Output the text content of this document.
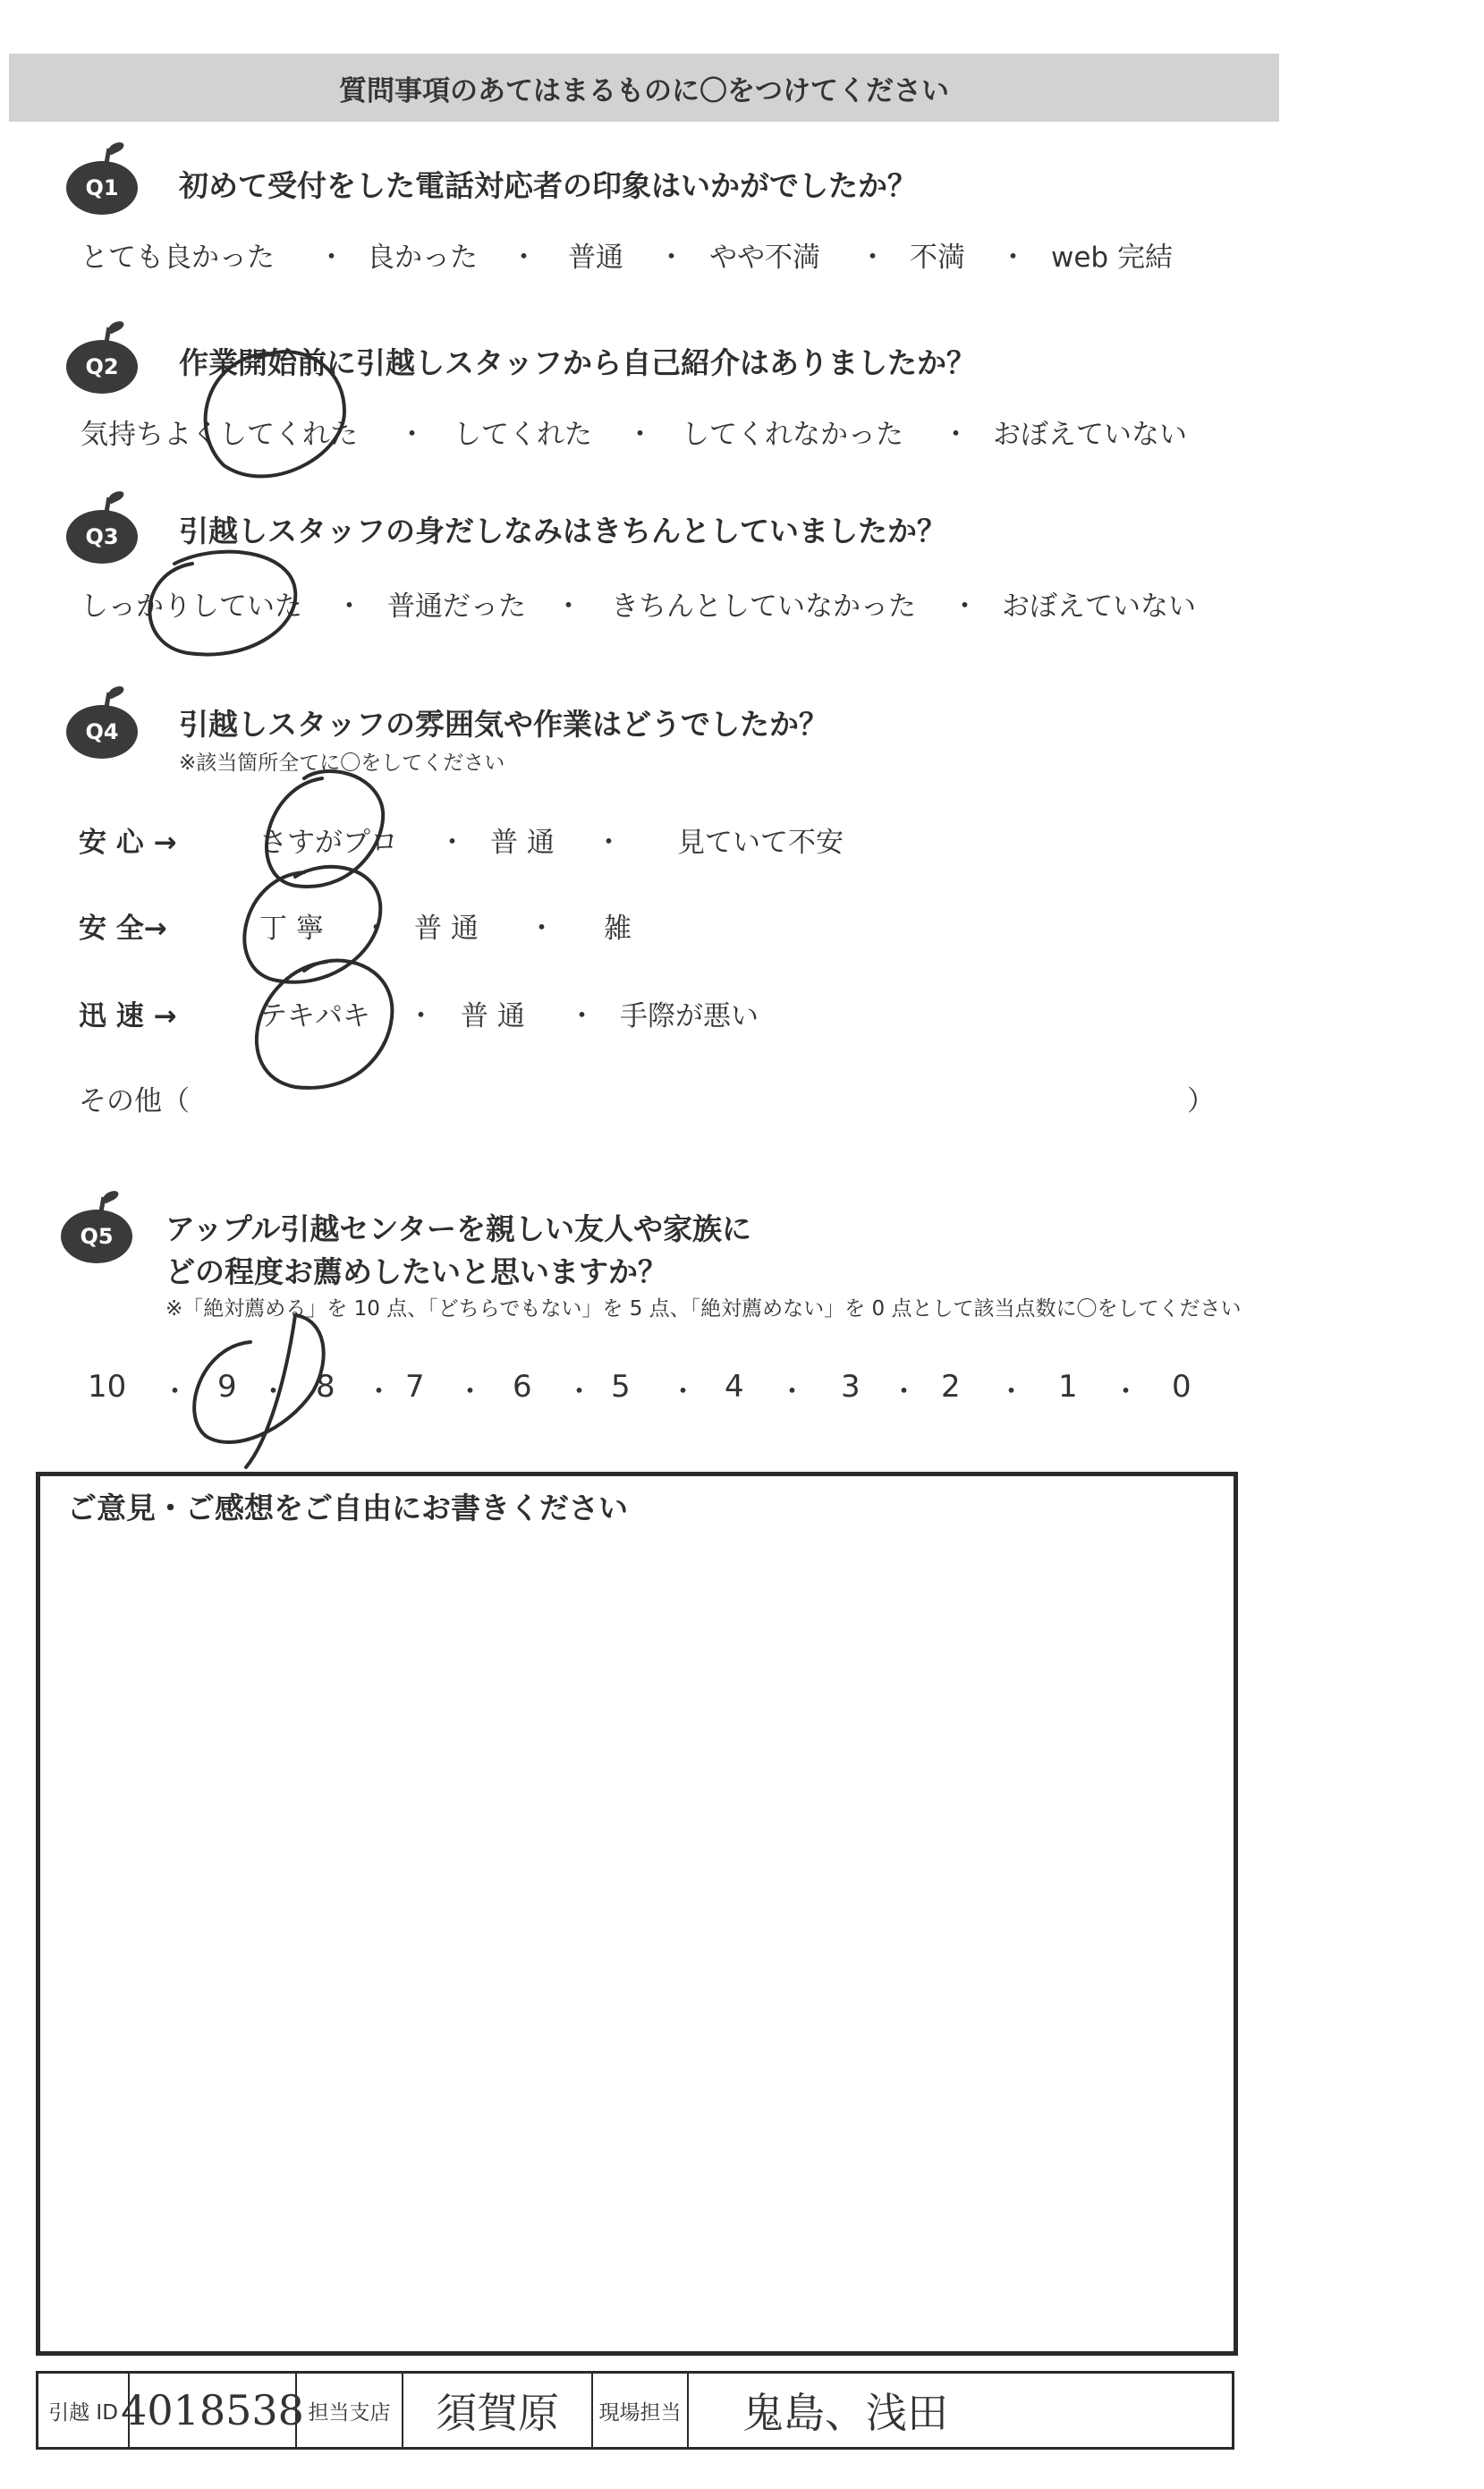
質問事項のあてはまるものに〇をつけてください
Q1	初めて受付をした電話対応者の印象はいかがでしたか？
とても良かった ・ 良かった ・ 普通 ・ やや不満 ・ 不満 ・ web 完結
Q2	作業開始前に引越しスタッフから自己紹介はありましたか？
気持ちよくしてくれた ・ してくれた ・ してくれなかった ・ おぼえていない
Q3	引越しスタッフの身だしなみはきちんとしていましたか？
しっかりしていた ・ 普通だった ・ きちんとしていなかった ・ おぼえていない
Q4	引越しスタッフの雰囲気や作業はどうでしたか？
※該当箇所全てに〇をしてください
安 心 →	さすがプロ ・ 普 通 ・ 見ていて不安
安 全→	丁 寧 ・ 普 通 ・ 雑
迅 速 →	テキパキ ・ 普 通 ・ 手際が悪い
その他（	）
Q5	アップル引越センターを親しい友人や家族に
どの程度お薦めしたいと思いますか？
※「絶対薦める」を 10 点、「どちらでもない」を 5 点、「絶対薦めない」を 0 点として該当点数に〇をしてください
10 ・ 9 ・ 8 ・ 7 ・ 6 ・ 5 ・ 4 ・ 3 ・ 2 ・ 1 ・ 0
ご意見・ご感想をご自由にお書きください
引越 ID 4018538 担当支店	須賀原	現場担当	鬼島、浅田
